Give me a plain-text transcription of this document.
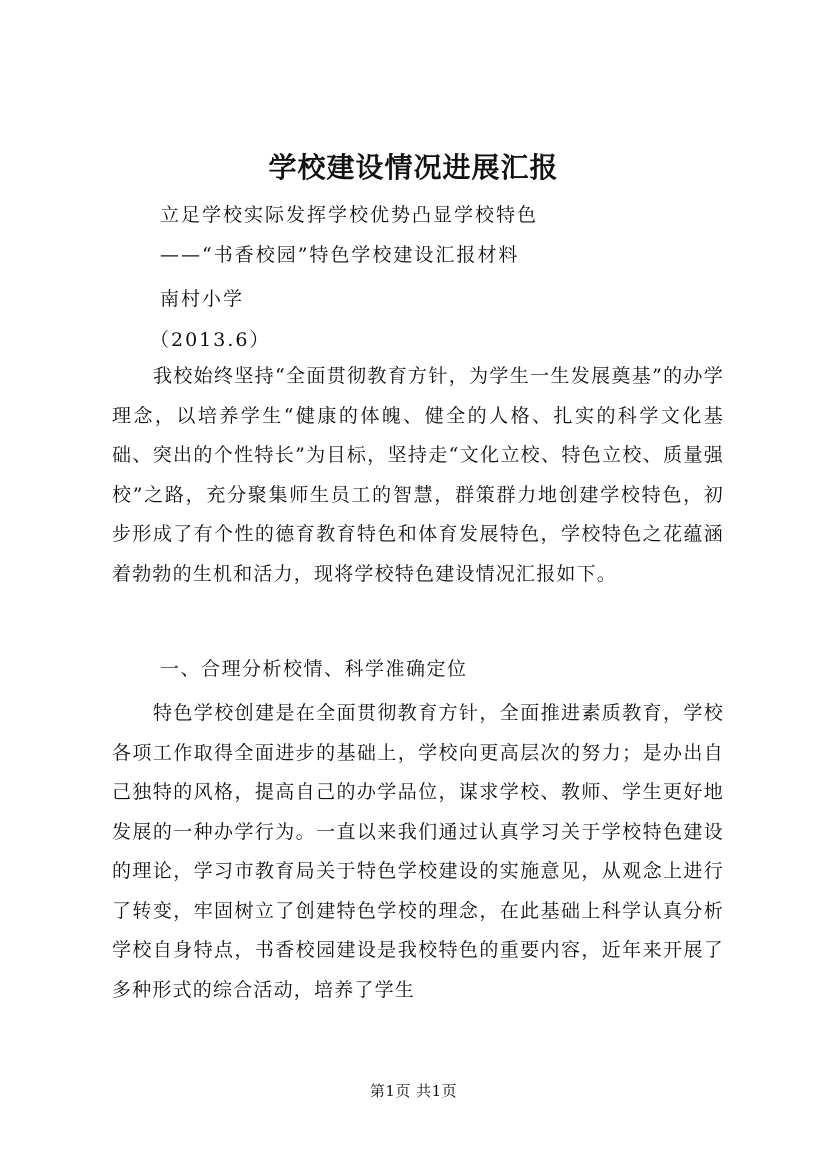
学校建设情况进展汇报

立足学校实际发挥学校优势凸显学校特色

——“书香校园”特色学校建设汇报材料

南村小学

（2013.6）

我校始终坚持“全面贯彻教育方针，为学生一生发展奠基”的办学理念，以培养学生“健康的体魄、健全的人格、扎实的科学文化基础、突出的个性特长”为目标，坚持走“文化立校、特色立校、质量强校”之路，充分聚集师生员工的智慧，群策群力地创建学校特色，初步形成了有个性的德育教育特色和体育发展特色，学校特色之花蕴涵着勃勃的生机和活力，现将学校特色建设情况汇报如下。

一、合理分析校情、科学准确定位

特色学校创建是在全面贯彻教育方针，全面推进素质教育，学校各项工作取得全面进步的基础上，学校向更高层次的努力；是办出自己独特的风格，提高自己的办学品位，谋求学校、教师、学生更好地发展的一种办学行为。一直以来我们通过认真学习关于学校特色建设的理论，学习市教育局关于特色学校建设的实施意见，从观念上进行了转变，牢固树立了创建特色学校的理念，在此基础上科学认真分析学校自身特点，书香校园建设是我校特色的重要内容，近年来开展了多种形式的综合活动，培养了学生

第1页 共1页
